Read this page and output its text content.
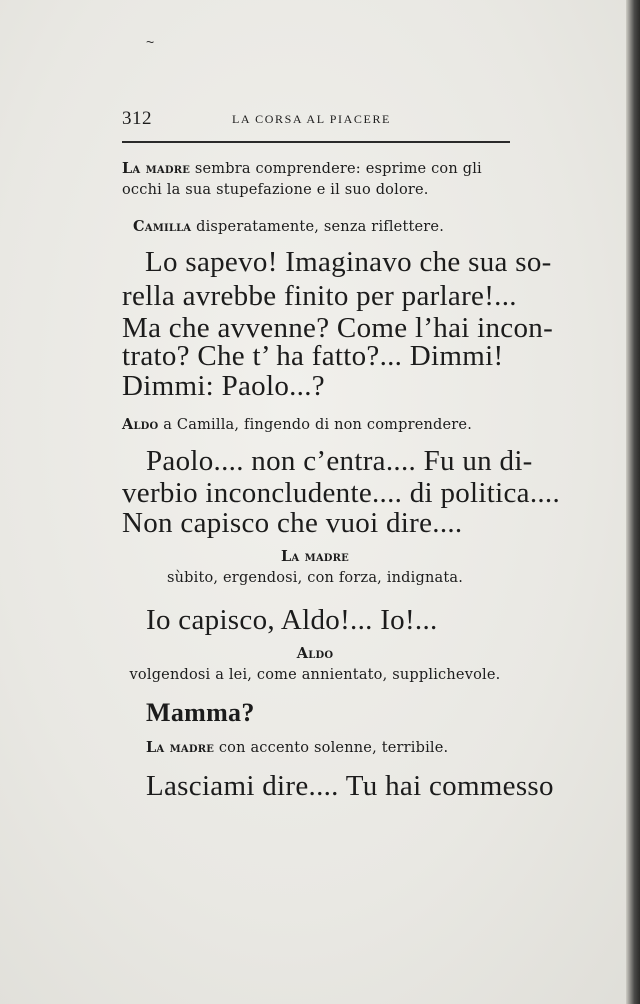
~
312	LA CORSA AL PIACERE
La madre sembra comprendere: esprime con gli
occhi la sua stupefazione e il suo dolore.
Camilla disperatamente, senza riflettere.
Lo sapevo! Imaginavo che sua so-
rella avrebbe finito per parlare!...
Ma che avvenne? Come l’hai incon-
trato? Che t’ ha fatto?... Dimmi!
Dimmi: Paolo...?
Aldo a Camilla, fingendo di non comprendere.
Paolo.... non c’entra.... Fu un di-
verbio inconcludente.... di politica....
Non capisco che vuoi dire....
La madre
sùbito, ergendosi, con forza, indignata.
Io capisco, Aldo!... Io!...
Aldo
volgendosi a lei, come annientato, supplichevole.
Mamma?
La madre con accento solenne, terribile.
Lasciami dire.... Tu hai commesso
